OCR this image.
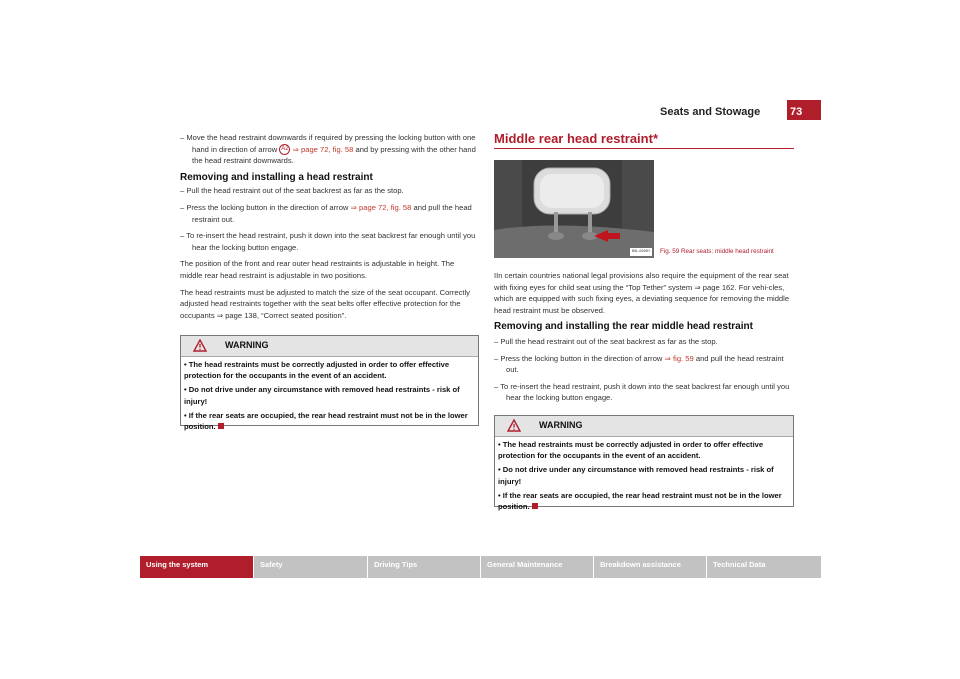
Seats and Stowage	73

– Move the head restraint downwards if required by pressing the locking button with one hand in direction of arrow A2 ⇒ page 72, fig. 58 and by pressing with the other hand the head restraint downwards.

Removing and installing a head restraint

– Pull the head restraint out of the seat backrest as far as the stop.

– Press the locking button in the direction of arrow ⇒ page 72, fig. 58 and pull the head restraint out.

– To re-insert the head restraint, push it down into the seat backrest far enough until you hear the locking button engage.

The position of the front and rear outer head restraints is adjustable in height. The middle rear head restraint is adjustable in two positions.

The head restraints must be adjusted to match the size of the seat occupant. Correctly adjusted head restraints together with the seat belts offer effective protection for the occupants ⇒ page 138, “Correct seated position”.

WARNING

• The head restraints must be correctly adjusted in order to offer effective protection for the occupants in the event of an accident.

• Do not drive under any circumstance with removed head restraints - risk of injury!

• If the rear seats are occupied, the rear head restraint must not be in the lower position.

Middle rear head restraint*
B5L-0049H Fig. 59 Rear seats: middle head restraint

IIn certain countries national legal provisions also require the equipment of the rear seat with fixing eyes for child seat using the “Top Tether” system ⇒ page 162. For vehi-cles, which are equipped with such fixing eyes, a deviating sequence for removing the middle head restraint must be observed.

Removing and installing the rear middle head restraint

– Pull the head restraint out of the seat backrest as far as the stop.

– Press the locking button in the direction of arrow ⇒ fig. 59 and pull the head restraint out.

– To re-insert the head restraint, push it down into the seat backrest far enough until you hear the locking button engage.

WARNING

• The head restraints must be correctly adjusted in order to offer effective protection for the occupants in the event of an accident.

• Do not drive under any circumstance with removed head restraints - risk of injury!

• If the rear seats are occupied, the rear head restraint must not be in the lower position.

Using the system	Safety	Driving Tips	General Maintenance	Breakdown assistance	Technical Data
